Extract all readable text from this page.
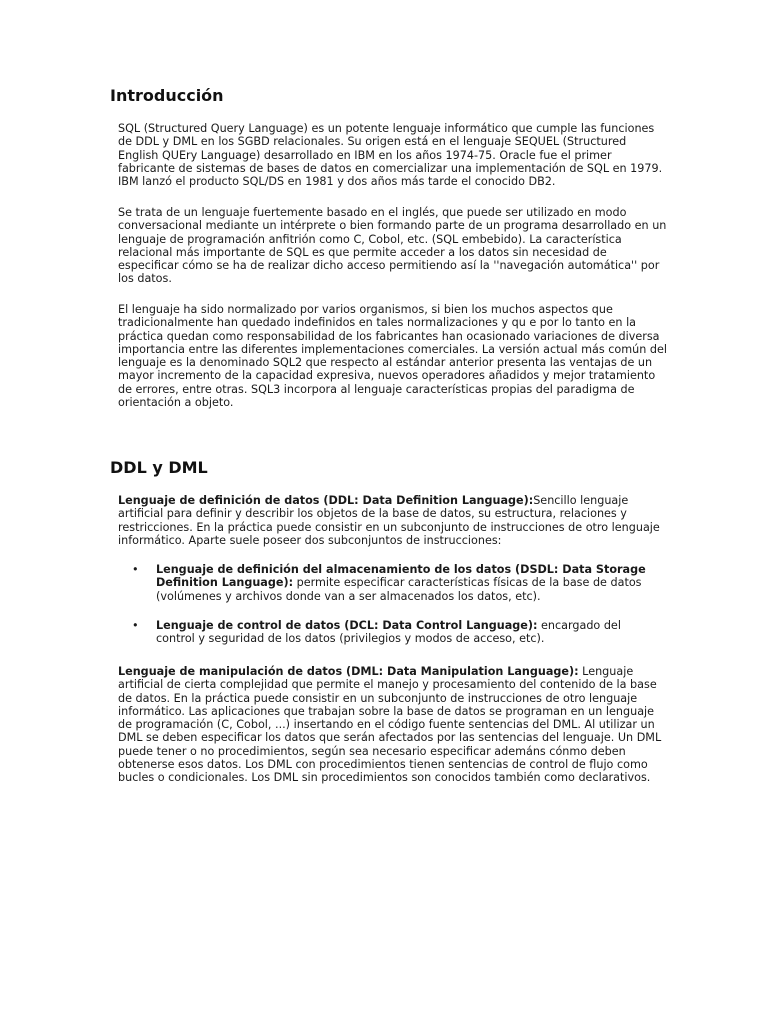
Introducción

SQL (Structured Query Language) es un potente lenguaje informático que cumple las funciones de DDL y DML en los SGBD relacionales. Su origen está en el lenguaje SEQUEL (Structured English QUEry Language) desarrollado en IBM en los años 1974-75. Oracle fue el primer fabricante de sistemas de bases de datos en comercializar una implementación de SQL en 1979. IBM lanzó el producto SQL/DS en 1981 y dos años más tarde el conocido DB2.

Se trata de un lenguaje fuertemente basado en el inglés, que puede ser utilizado en modo conversacional mediante un intérprete o bien formando parte de un programa desarrollado en un lenguaje de programación anfitrión como C, Cobol, etc. (SQL embebido). La característica relacional más importante de SQL es que permite acceder a los datos sin necesidad de especificar cómo se ha de realizar dicho acceso permitiendo así la ''navegación automática'' por los datos.

El lenguaje ha sido normalizado por varios organismos, si bien los muchos aspectos que tradicionalmente han quedado indefinidos en tales normalizaciones y qu e por lo tanto en la práctica quedan como responsabilidad de los fabricantes han ocasionado variaciones de diversa importancia entre las diferentes implementaciones comerciales. La versión actual más común del lenguaje es la denominado SQL2 que respecto al estándar anterior presenta las ventajas de un mayor incremento de la capacidad expresiva, nuevos operadores añadidos y mejor tratamiento de errores, entre otras. SQL3 incorpora al lenguaje características propias del paradigma de orientación a objeto.

DDL y DML

Lenguaje de definición de datos (DDL: Data Definition Language):Sencillo lenguaje artificial para definir y describir los objetos de la base de datos, su estructura, relaciones y restricciones. En la práctica puede consistir en un subconjunto de instrucciones de otro lenguaje informático. Aparte suele poseer dos subconjuntos de instrucciones:

• Lenguaje de definición del almacenamiento de los datos (DSDL: Data Storage Definition Language): permite especificar características físicas de la base de datos (volúmenes y archivos donde van a ser almacenados los datos, etc).
• Lenguaje de control de datos (DCL: Data Control Language): encargado del control y seguridad de los datos (privilegios y modos de acceso, etc).

Lenguaje de manipulación de datos (DML: Data Manipulation Language): Lenguaje artificial de cierta complejidad que permite el manejo y procesamiento del contenido de la base de datos. En la práctica puede consistir en un subconjunto de instrucciones de otro lenguaje informático. Las aplicaciones que trabajan sobre la base de datos se programan en un lenguaje de programación (C, Cobol, ...) insertando en el código fuente sentencias del DML. Al utilizar un DML se deben especificar los datos que serán afectados por las sentencias del lenguaje. Un DML puede tener o no procedimientos, según sea necesario especificar ademáns cónmo deben obtenerse esos datos. Los DML con procedimientos tienen sentencias de control de flujo como bucles o condicionales. Los DML sin procedimientos son conocidos también como declarativos.
